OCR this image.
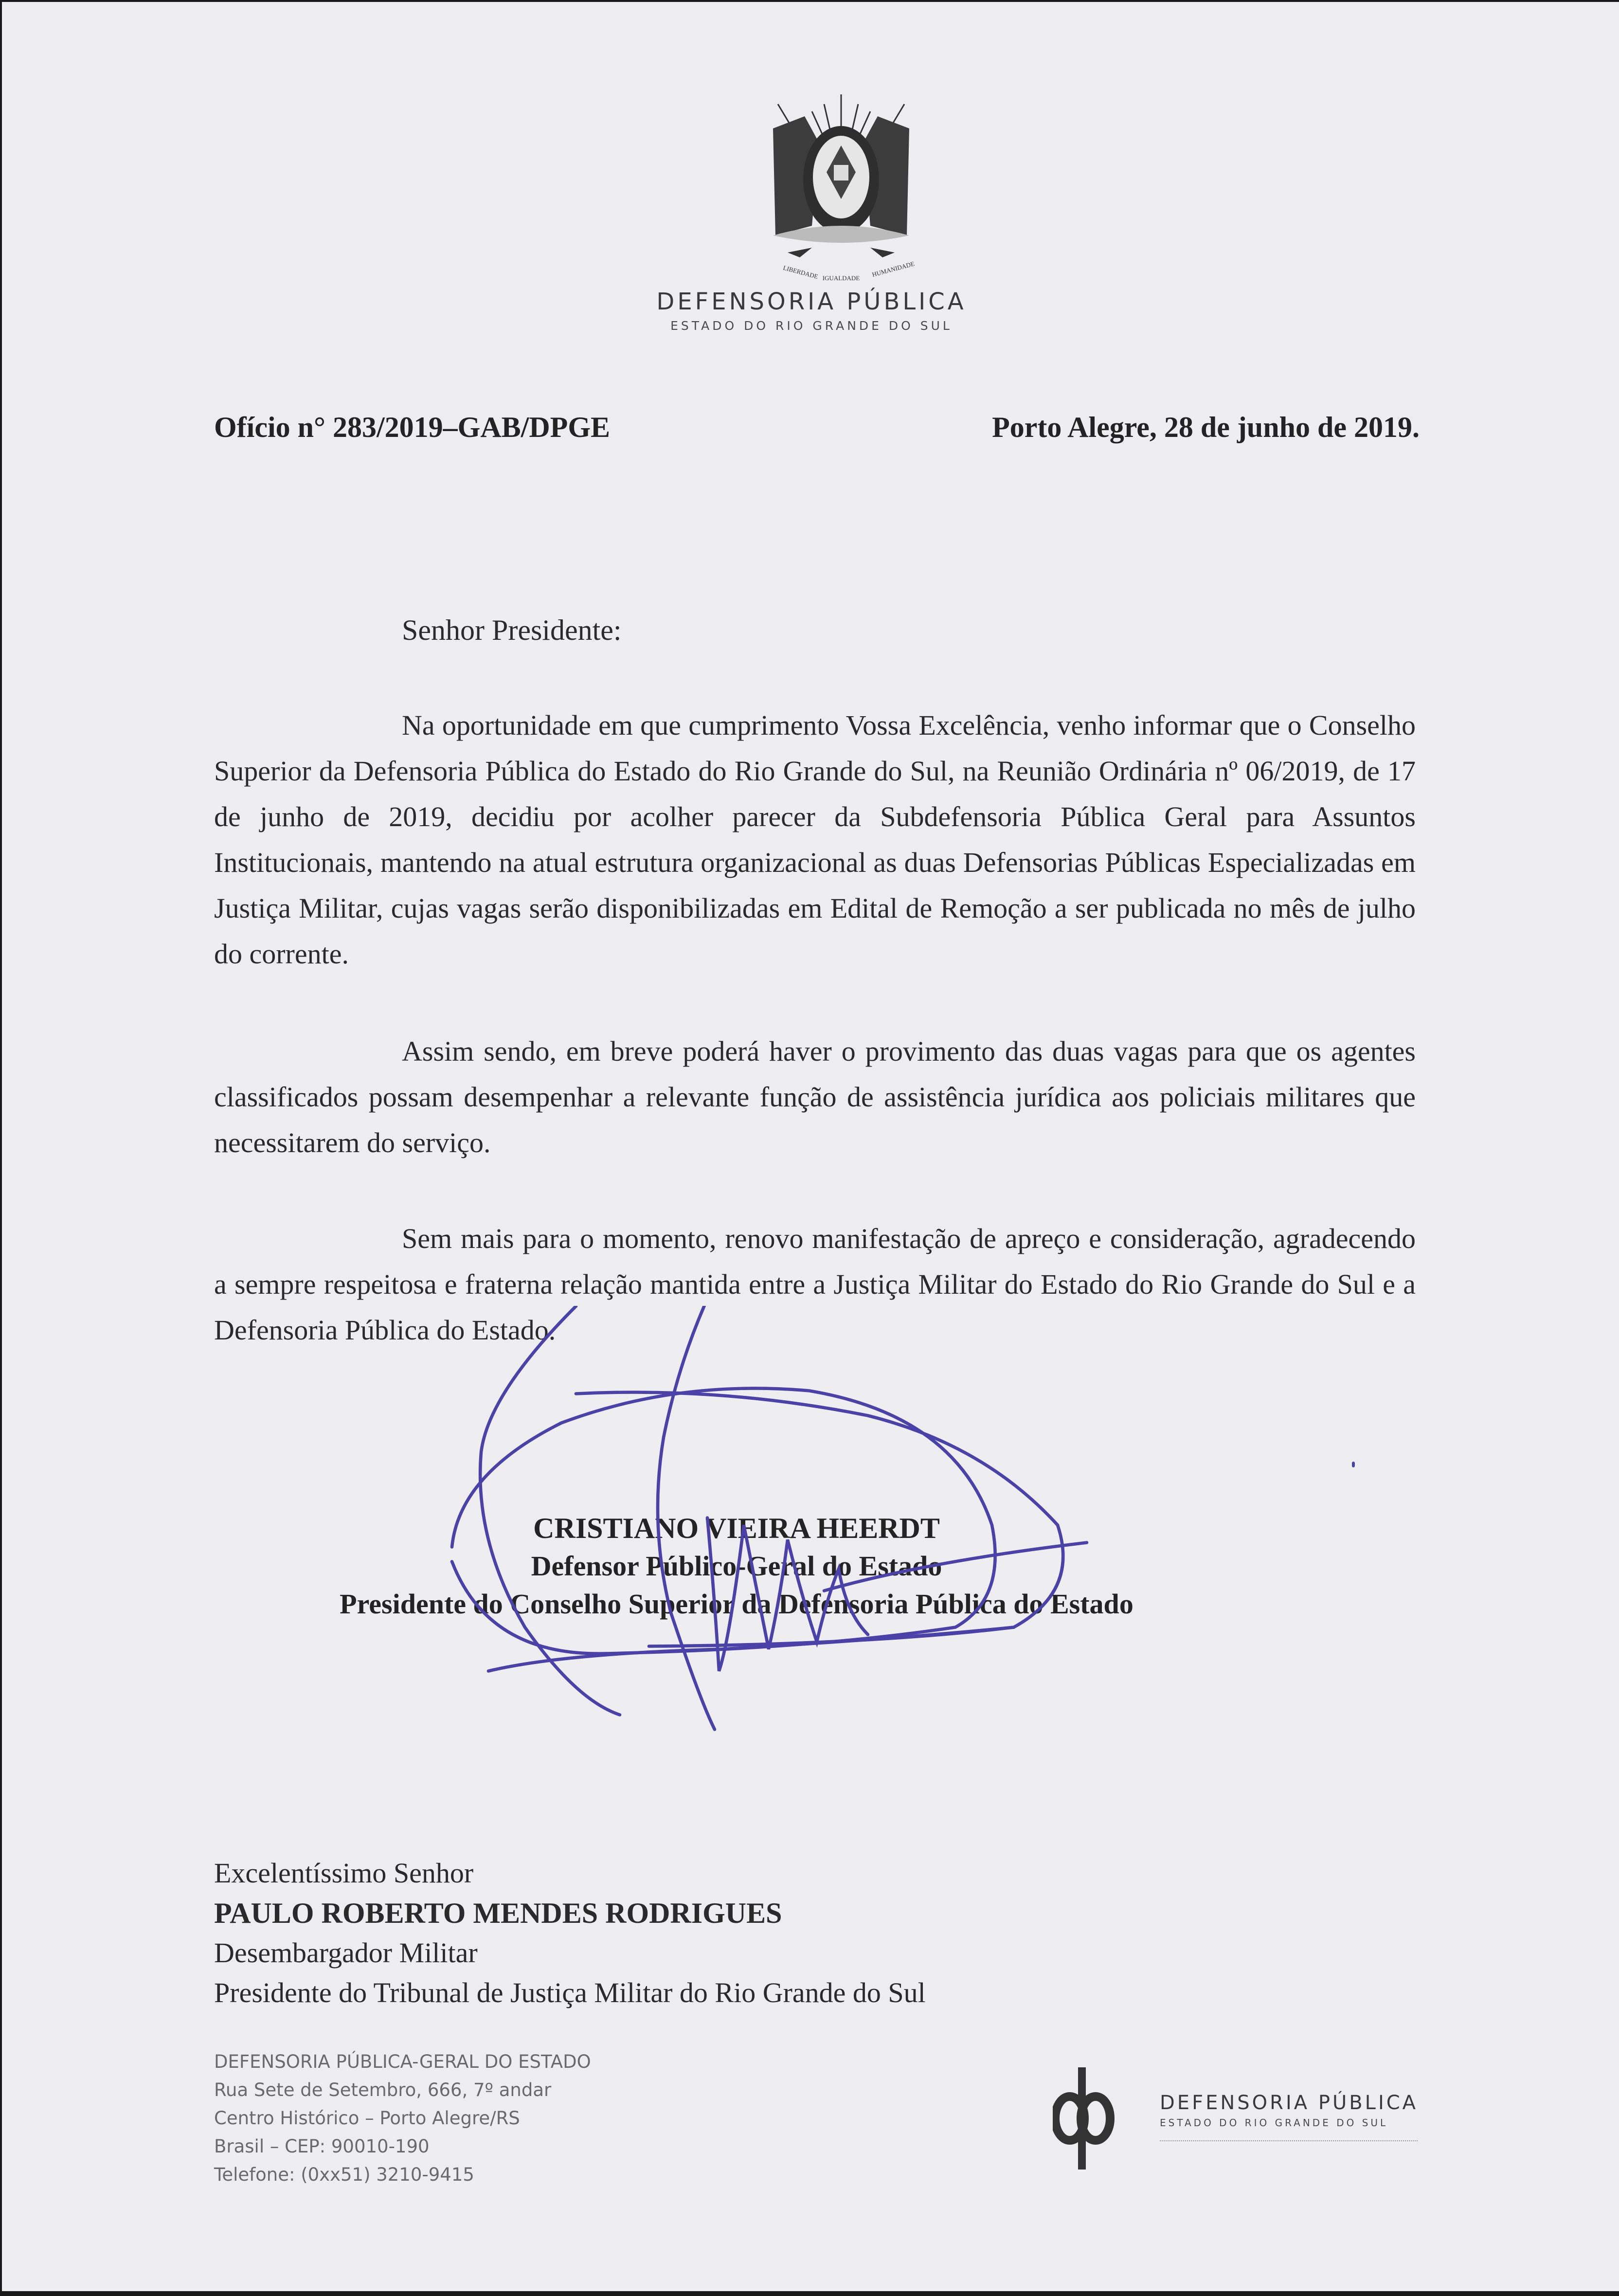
LIBERDADE IGUALDADE HUMANIDADE
DEFENSORIA PÚBLICA
ESTADO DO RIO GRANDE DO SUL
Ofício n° 283/2019–GAB/DPGE	Porto Alegre, 28 de junho de 2019.
Senhor Presidente:

Na oportunidade em que cumprimento Vossa Excelência, venho informar que o Conselho Superior da Defensoria Pública do Estado do Rio Grande do Sul, na Reunião Ordinária nº 06/2019, de 17 de junho de 2019, decidiu por acolher parecer da Subdefensoria Pública Geral para Assuntos Institucionais, mantendo na atual estrutura organizacional as duas Defensorias Públicas Especializadas em Justiça Militar, cujas vagas serão disponibilizadas em Edital de Remoção a ser publicada no mês de julho do corrente.

Assim sendo, em breve poderá haver o provimento das duas vagas para que os agentes classificados possam desempenhar a relevante função de assistência jurídica aos policiais militares que necessitarem do serviço.

Sem mais para o momento, renovo manifestação de apreço e consideração, agradecendo a sempre respeitosa e fraterna relação mantida entre a Justiça Militar do Estado do Rio Grande do Sul e a Defensoria Pública do Estado.

CRISTIANO VIEIRA HEERDT
Defensor Público-Geral do Estado
Presidente do Conselho Superior da Defensoria Pública do Estado
Excelentíssimo Senhor
PAULO ROBERTO MENDES RODRIGUES
Desembargador Militar
Presidente do Tribunal de Justiça Militar do Rio Grande do Sul
DEFENSORIA PÚBLICA-GERAL DO ESTADO
Rua Sete de Setembro, 666, 7º andar
Centro Histórico – Porto Alegre/RS
Brasil – CEP: 90010-190
Telefone: (0xx51) 3210-9415
DEFENSORIA PÚBLICA
ESTADO DO RIO GRANDE DO SUL
